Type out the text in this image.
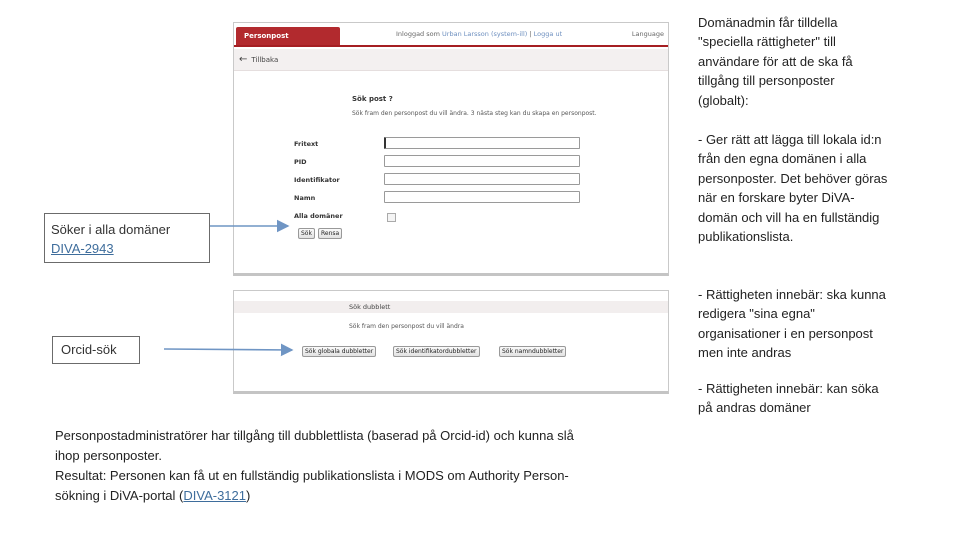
Personpost	Inloggad som Urban Larsson (system-ill) | Logga ut	Language
← Tillbaka
Sök post ?
Sök fram den personpost du vill ändra. 3 nästa steg kan du skapa en personpost.
Fritext
PID
Identifikator
Namn
Alla domäner
Sök	Rensa
Sök dubblett
Sök fram den personpost du vill ändra
Sök globala dubbletter	Sök identifikatordubbletter	Sök namndubbletter
Söker i alla domäner
DIVA-2943
Orcid-sök
Domänadmin får tilldella "speciella rättigheter" till användare för att de ska få tillgång till personposter (globalt):
- Ger rätt att lägga till lokala id:n från den egna domänen i alla personposter. Det behöver göras när en forskare byter DiVA-domän och vill ha en fullständig publikationslista.
- Rättigheten innebär: ska kunna redigera "sina egna" organisationer i en personpost men inte andras
- Rättigheten innebär: kan söka på andras domäner
Personpostadministratörer har tillgång till dubblettlista (baserad på Orcid-id) och kunna slå ihop personposter.
Resultat: Personen kan få ut en fullständig publikationslista i MODS om Authority Person-sökning i DiVA-portal (DIVA-3121)
